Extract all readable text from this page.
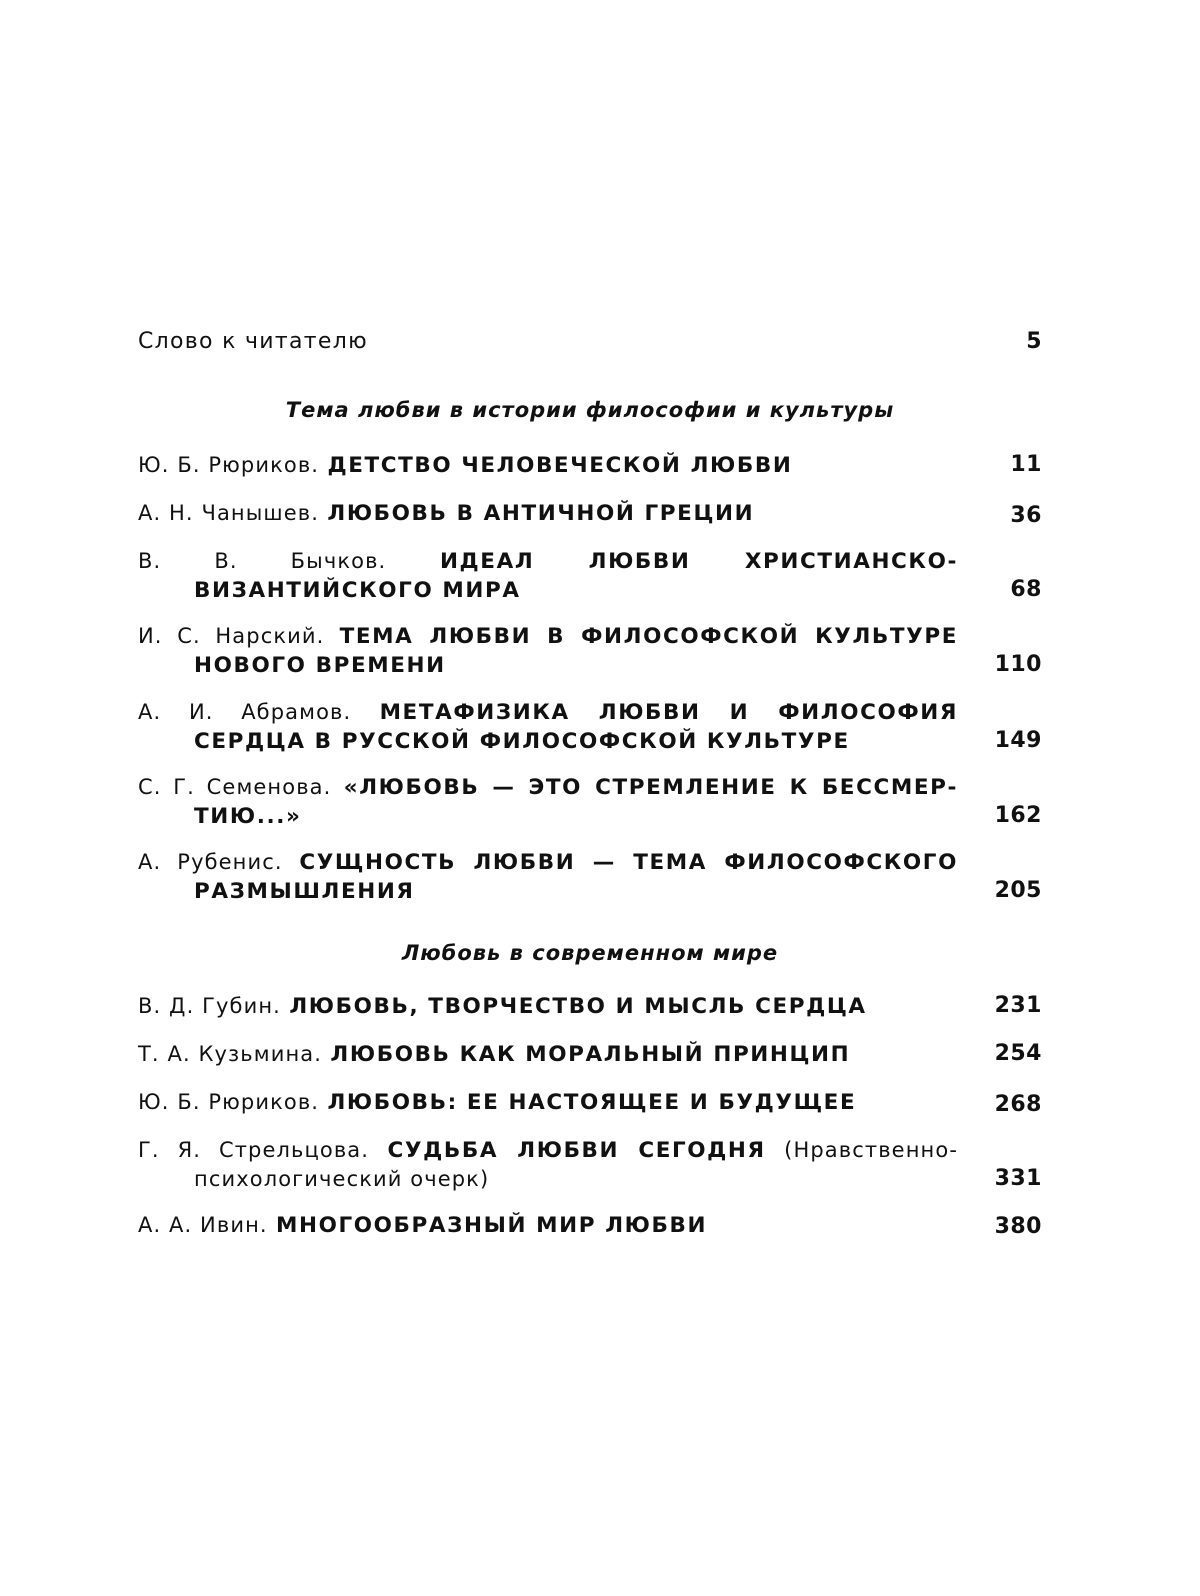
Слово к читателю	5
Тема любви в истории философии и культуры
Ю. Б. Рюриков. ДЕТСТВО ЧЕЛОВЕЧЕСКОЙ ЛЮБВИ	11
А. Н. Чанышев. ЛЮБОВЬ В АНТИЧНОЙ ГРЕЦИИ	36
В. В. Бычков. ИДЕАЛ ЛЮБВИ ХРИСТИАНСКО-ВИЗАНТИЙСКОГО МИРА	68
И. С. Нарский. ТЕМА ЛЮБВИ В ФИЛОСОФСКОЙ КУЛЬТУРЕ НОВОГО ВРЕМЕНИ	110
А. И. Абрамов. МЕТАФИЗИКА ЛЮБВИ И ФИЛОСОФИЯ СЕРДЦА В РУССКОЙ ФИЛОСОФСКОЙ КУЛЬТУРЕ	149
С. Г. Семенова. «ЛЮБОВЬ — ЭТО СТРЕМЛЕНИЕ К БЕССМЕР-ТИЮ...»	162
А. Рубенис. СУЩНОСТЬ ЛЮБВИ — ТЕМА ФИЛОСОФСКОГО РАЗМЫШЛЕНИЯ	205
Любовь в современном мире
В. Д. Губин. ЛЮБОВЬ, ТВОРЧЕСТВО И МЫСЛЬ СЕРДЦА	231
Т. А. Кузьмина. ЛЮБОВЬ КАК МОРАЛЬНЫЙ ПРИНЦИП	254
Ю. Б. Рюриков. ЛЮБОВЬ: ЕЕ НАСТОЯЩЕЕ И БУДУЩЕЕ	268
Г. Я. Стрельцова. СУДЬБА ЛЮБВИ СЕГОДНЯ (Нравственно-психологический очерк)	331
А. А. Ивин. МНОГООБРАЗНЫЙ МИР ЛЮБВИ	380
